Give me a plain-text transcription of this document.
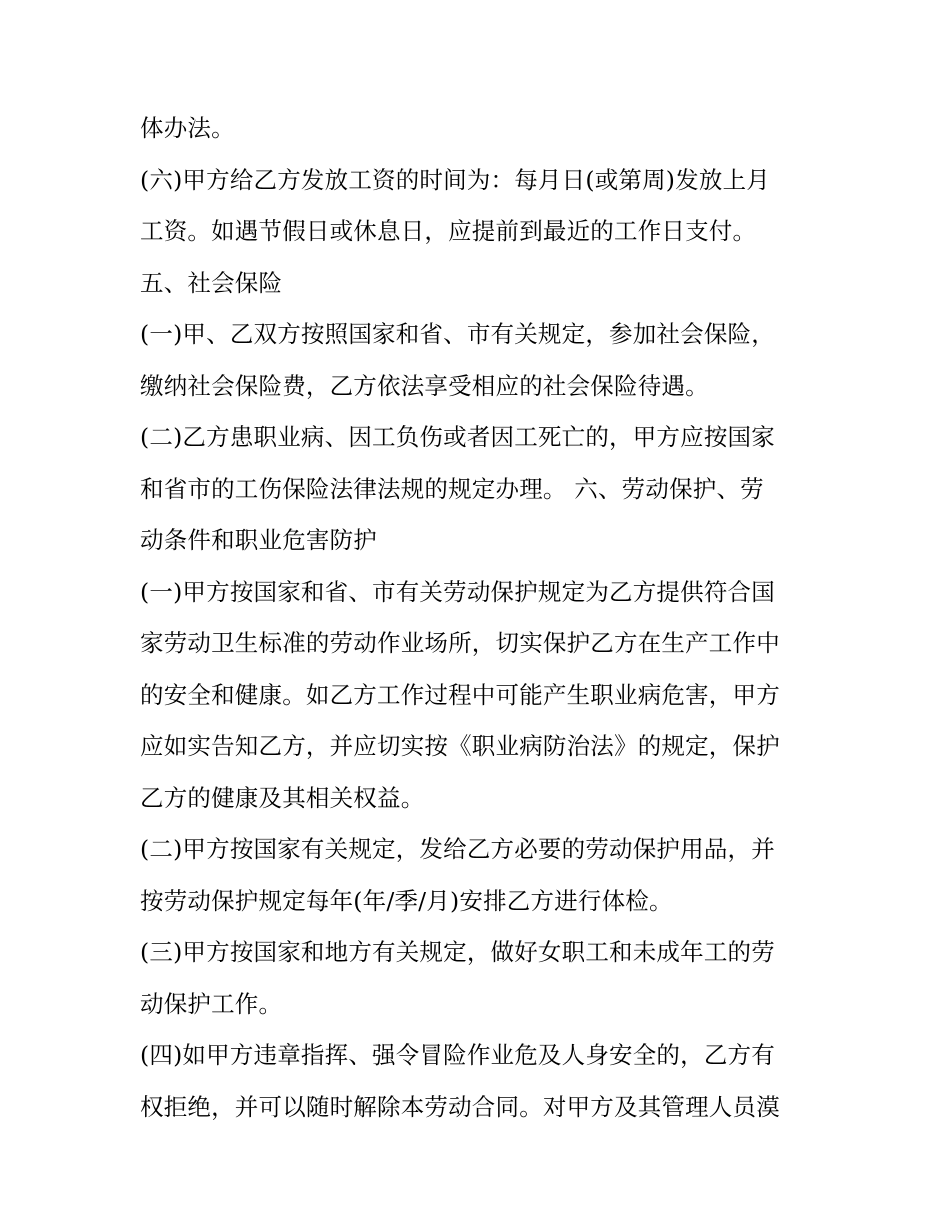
体办法。
(六)甲方给乙方发放工资的时间为：每月日(或第周)发放上月
工资。如遇节假日或休息日，应提前到最近的工作日支付。
五、社会保险
(一)甲、乙双方按照国家和省、市有关规定，参加社会保险，
缴纳社会保险费，乙方依法享受相应的社会保险待遇。
(二)乙方患职业病、因工负伤或者因工死亡的，甲方应按国家
和省市的工伤保险法律法规的规定办理。 六、劳动保护、劳
动条件和职业危害防护
(一)甲方按国家和省、市有关劳动保护规定为乙方提供符合国
家劳动卫生标准的劳动作业场所，切实保护乙方在生产工作中
的安全和健康。如乙方工作过程中可能产生职业病危害，甲方
应如实告知乙方，并应切实按《职业病防治法》的规定，保护
乙方的健康及其相关权益。
(二)甲方按国家有关规定，发给乙方必要的劳动保护用品，并
按劳动保护规定每年(年/季/月)安排乙方进行体检。
(三)甲方按国家和地方有关规定，做好女职工和未成年工的劳
动保护工作。
(四)如甲方违章指挥、强令冒险作业危及人身安全的，乙方有
权拒绝，并可以随时解除本劳动合同。对甲方及其管理人员漠
